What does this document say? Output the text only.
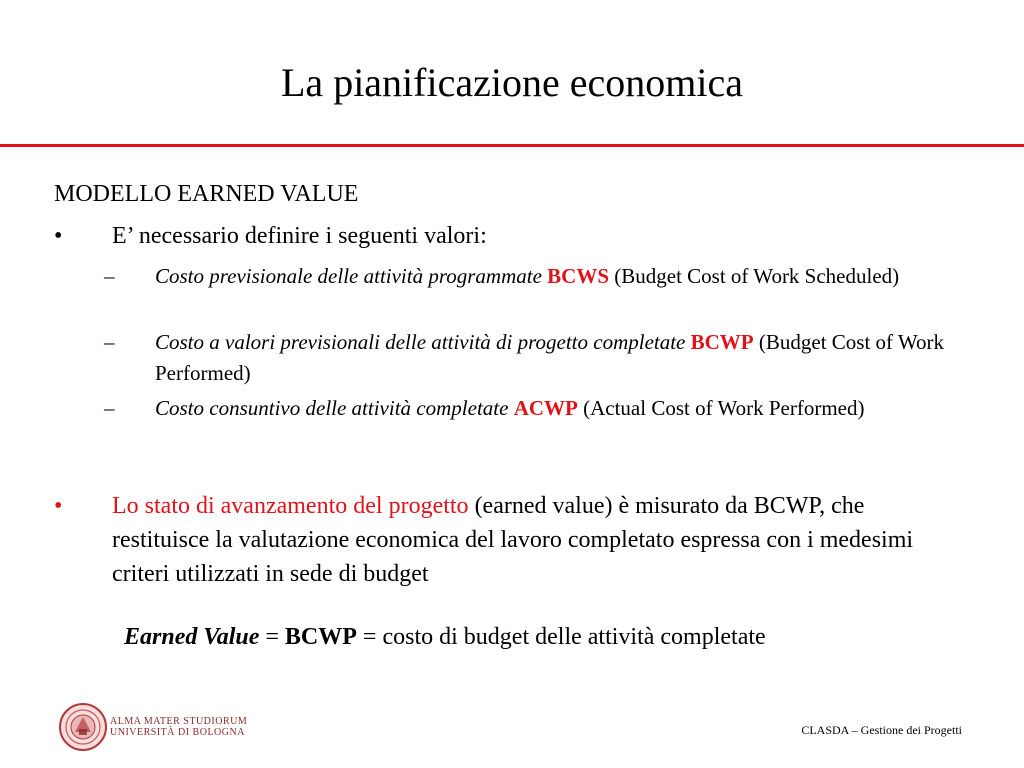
La pianificazione economica
MODELLO EARNED VALUE
• E’ necessario definire i seguenti valori:
– Costo previsionale delle attività programmate BCWS (Budget Cost of Work Scheduled)
– Costo a valori previsionali delle attività di progetto completate BCWP (Budget Cost of Work Performed)
– Costo consuntivo delle attività completate ACWP (Actual Cost of Work Performed)
• Lo stato di avanzamento del progetto (earned value) è misurato da BCWP, che restituisce la valutazione economica del lavoro completato espressa con i medesimi criteri utilizzati in sede di budget
Earned Value = BCWP = costo di budget delle attività completate
ALMA MATER STUDIORUM
UNIVERSITÀ DI BOLOGNA	CLASDA – Gestione dei Progetti
